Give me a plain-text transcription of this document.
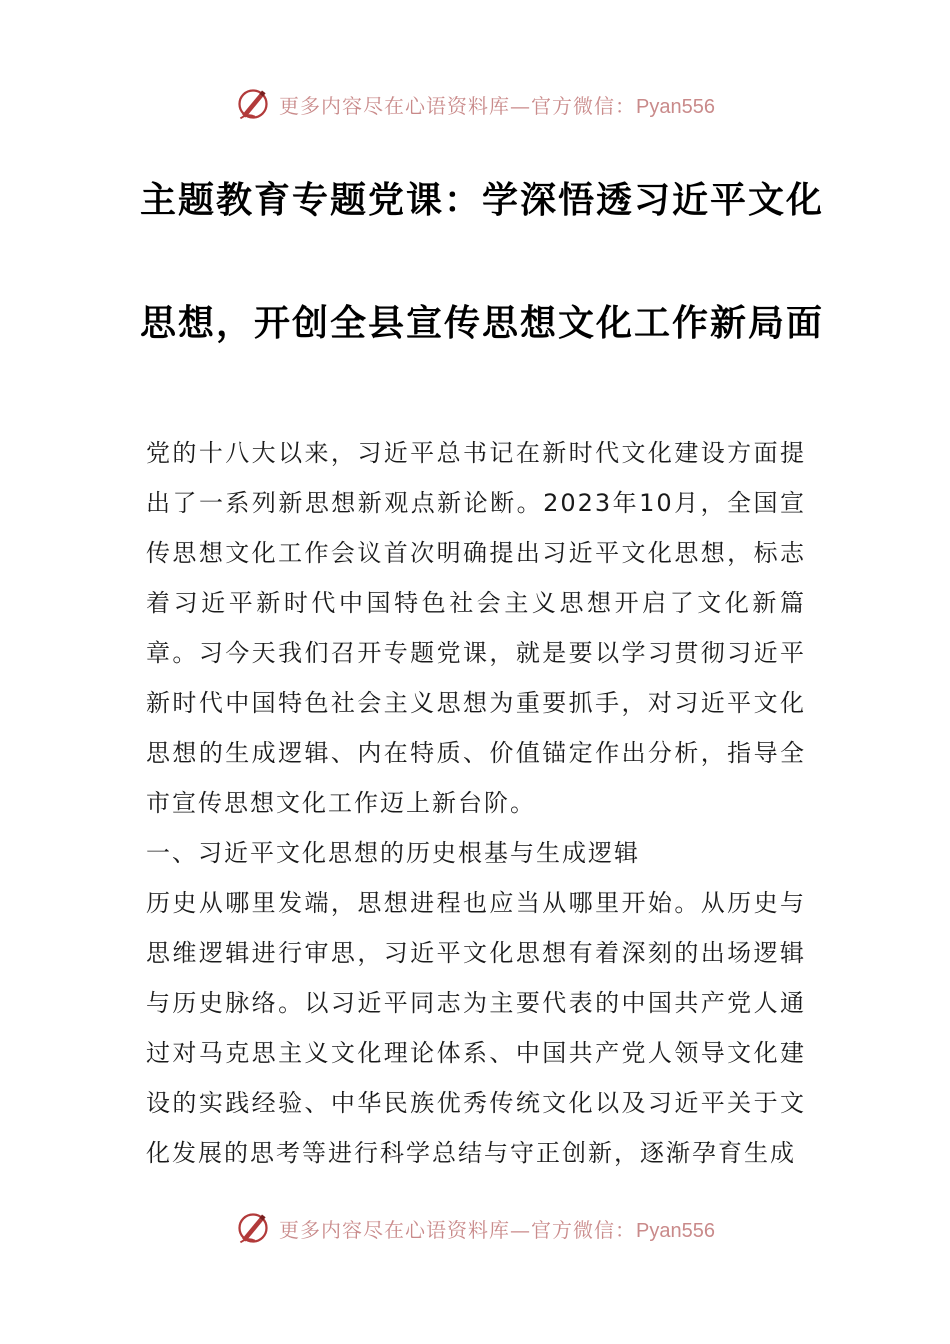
更多内容尽在心语资料库—官方微信：Pyan556
主题教育专题党课：学深悟透习近平文化
思想，开创全县宣传思想文化工作新局面

党的十八大以来，习近平总书记在新时代文化建设方面提出了一系列新思想新观点新论断。2023年10月，全国宣传思想文化工作会议首次明确提出习近平文化思想，标志着习近平新时代中国特色社会主义思想开启了文化新篇章。习今天我们召开专题党课，就是要以学习贯彻习近平新时代中国特色社会主义思想为重要抓手，对习近平文化思想的生成逻辑、内在特质、价值锚定作出分析，指导全市宣传思想文化工作迈上新台阶。

一、习近平文化思想的历史根基与生成逻辑

历史从哪里发端，思想进程也应当从哪里开始。从历史与思维逻辑进行审思，习近平文化思想有着深刻的出场逻辑与历史脉络。以习近平同志为主要代表的中国共产党人通过对马克思主义文化理论体系、中国共产党人领导文化建设的实践经验、中华民族优秀传统文化以及习近平关于文化发展的思考等进行科学总结与守正创新，逐渐孕育生成

更多内容尽在心语资料库—官方微信：Pyan556
